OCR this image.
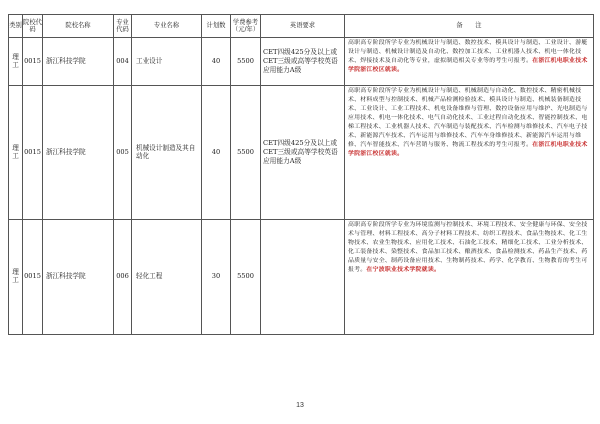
类别	院校代码	院校名称	专业代码	专业名称	计划数	学费参考（元/年）	英语要求	备　　注
理工	0015	浙江科技学院	004	工业设计	40	5500	CET四级425分及以上或CET三级或高等学校英语应用能力A级	高职高专阶段所学专业为机械设计与制造、数控技术、模具设计与制造、工业设计、游艇设计与制造、机械设计制造及自动化、数控加工技术、工业机器人技术、机电一体化技术、焊接技术及自动化等专业，虚拟制造相关专业等的考生可报考。在浙江机电职业技术学院浙江校区就读。
理工	0015	浙江科技学院	005	机械设计制造及其自动化	40	5500	CET四级425分及以上或CET三级或高等学校英语应用能力A级	高职高专阶段所学专业为机械设计与制造、机械制造与自动化、数控技术、精密机械技术、材料成型与控制技术、机械产品检测检验技术、模具设计与制造、机械装备制造技术、工业设计、工业工程技术、机电设备维修与管理、数控设备应用与维护、光电制造与应用技术、机电一体化技术、电气自动化技术、工业过程自动化技术、智能控制技术、电梯工程技术、工业机器人技术、汽车制造与装配技术、汽车检测与维修技术、汽车电子技术、新能源汽车技术、汽车运用与维修技术、汽车车身维修技术、新能源汽车运用与维修、汽车智能技术、汽车营销与服务、物流工程技术的考生可报考。在浙江机电职业技术学院浙江校区就读。
理工	0015	浙江科技学院	006	轻化工程	30	5500		高职高专阶段所学专业为环境监测与控制技术、环境工程技术、安全健康与环保、安全技术与管理、材料工程技术、高分子材料工程技术、纺织工程技术、食品生物技术、化工生物技术、农业生物技术、应用化工技术、石油化工技术、精细化工技术、工业分析技术、化工装备技术、染整技术、食品加工技术、酿酒技术、食品检测技术、药品生产技术、药品质量与安全、制药设备应用技术、生物制药技术、药学、化学教育、生物教育的考生可报考。在宁波职业技术学院就读。
13
